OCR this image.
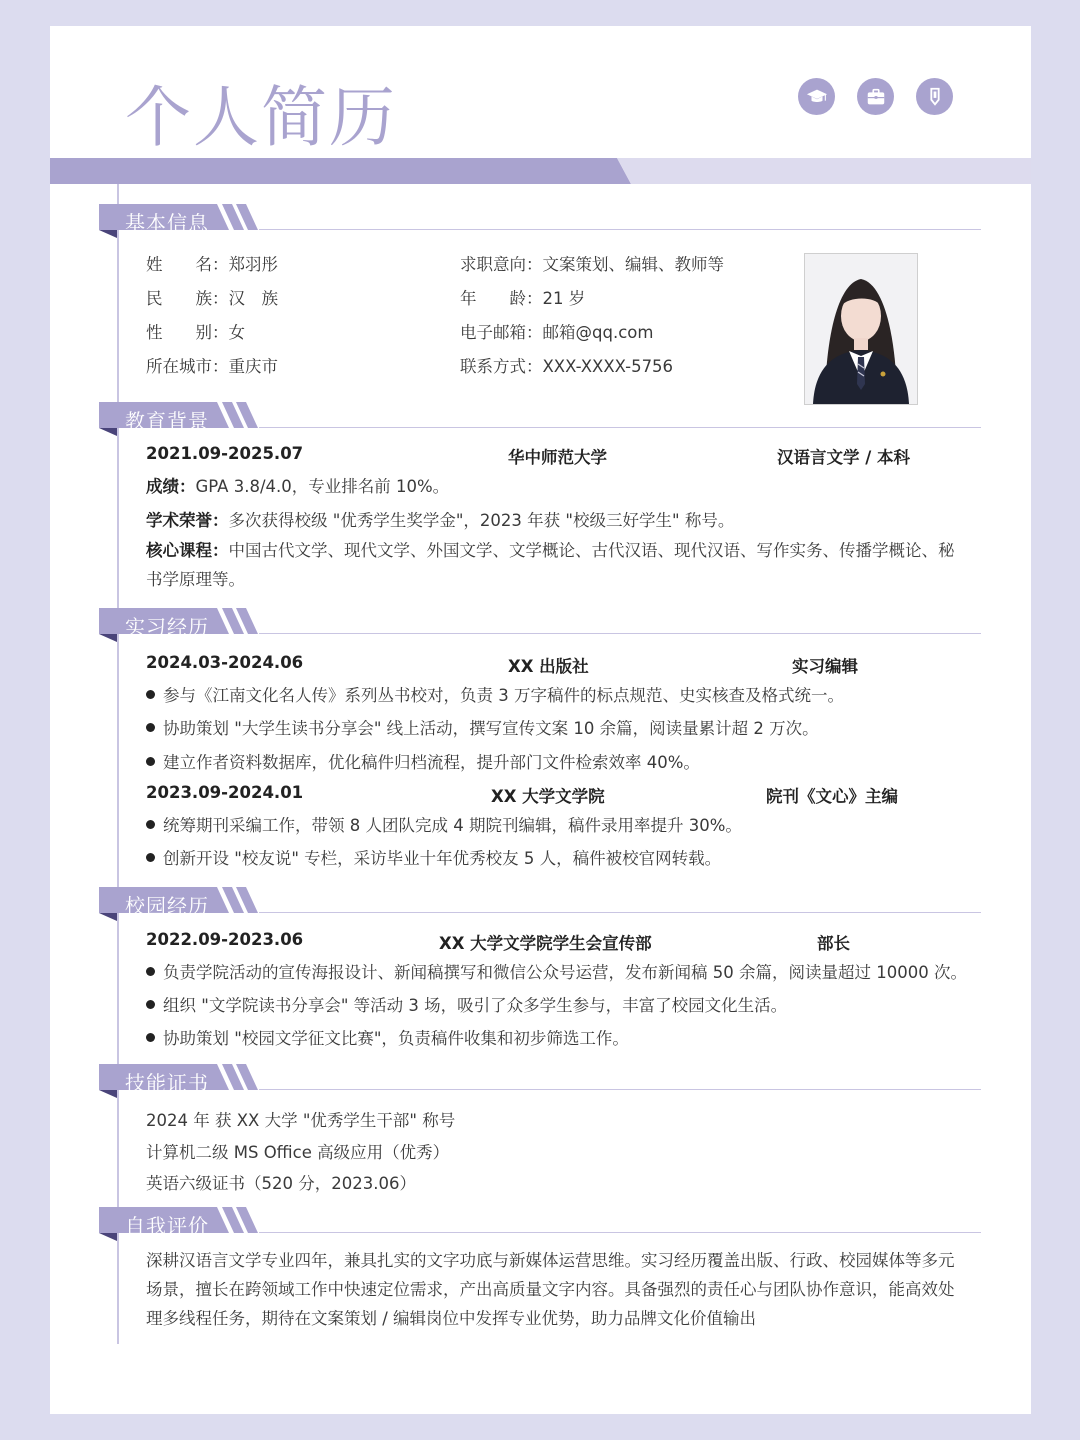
个人简历
基本信息
姓　　名：郑羽彤
民　　族：汉　族
性　　别：女
所在城市：重庆市
求职意向：文案策划、编辑、教师等
年　　龄：21 岁
电子邮箱：邮箱@qq.com
联系方式：XXX-XXXX-5756
教育背景
2021.09-2025.07	华中师范大学	汉语言文学 / 本科
成绩：GPA 3.8/4.0，专业排名前 10%。
学术荣誉：多次获得校级 "优秀学生奖学金"，2023 年获 "校级三好学生" 称号。
核心课程：中国古代文学、现代文学、外国文学、文学概论、古代汉语、现代汉语、写作实务、传播学概论、秘书学原理等。
实习经历
2024.03-2024.06	XX 出版社	实习编辑
参与《江南文化名人传》系列丛书校对，负责 3 万字稿件的标点规范、史实核查及格式统一。
协助策划 "大学生读书分享会" 线上活动，撰写宣传文案 10 余篇，阅读量累计超 2 万次。
建立作者资料数据库，优化稿件归档流程，提升部门文件检索效率 40%。
2023.09-2024.01	XX 大学文学院	院刊《文心》主编
统筹期刊采编工作，带领 8 人团队完成 4 期院刊编辑，稿件录用率提升 30%。
创新开设 "校友说" 专栏，采访毕业十年优秀校友 5 人，稿件被校官网转载。
校园经历
2022.09-2023.06	XX 大学文学院学生会宣传部	部长
负责学院活动的宣传海报设计、新闻稿撰写和微信公众号运营，发布新闻稿 50 余篇，阅读量超过 10000 次。
组织 "文学院读书分享会" 等活动 3 场，吸引了众多学生参与，丰富了校园文化生活。
协助策划 "校园文学征文比赛"，负责稿件收集和初步筛选工作。
技能证书
2024 年 获 XX 大学 "优秀学生干部" 称号
计算机二级 MS Office 高级应用（优秀）
英语六级证书（520 分，2023.06）
自我评价
深耕汉语言文学专业四年，兼具扎实的文字功底与新媒体运营思维。实习经历覆盖出版、行政、校园媒体等多元场景，擅长在跨领域工作中快速定位需求，产出高质量文字内容。具备强烈的责任心与团队协作意识，能高效处理多线程任务，期待在文案策划 / 编辑岗位中发挥专业优势，助力品牌文化价值输出
